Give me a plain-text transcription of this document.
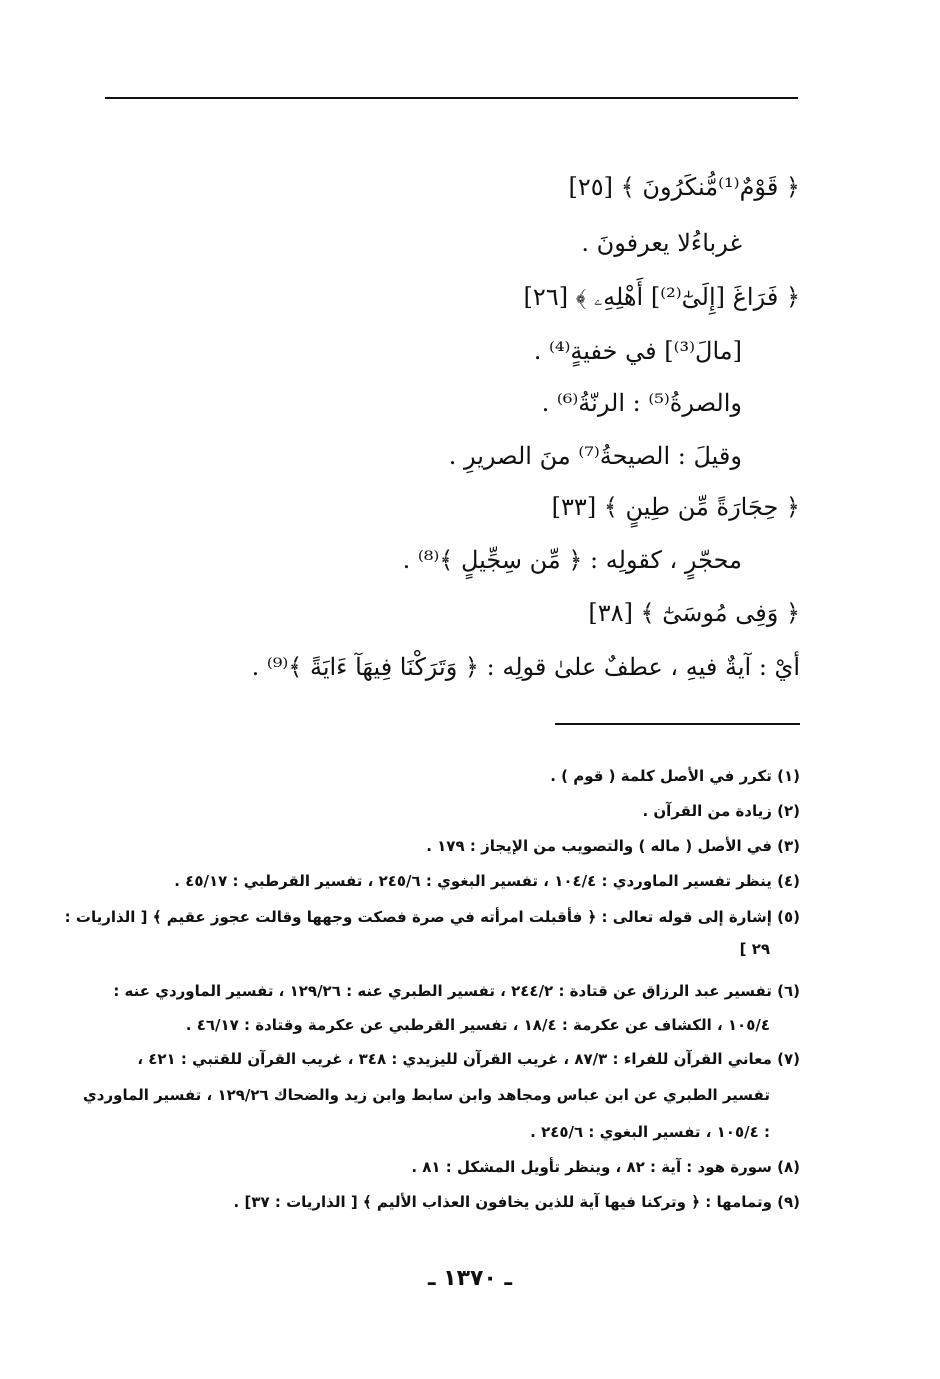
﴿ قَوْمٌ⁽¹⁾مُّنكَرُونَ ﴾ [٢٥]
غرباءُلا يعرفونَ .
﴿ فَرَاغَ [إِلَىٰٓ⁽²⁾] أَهْلِهِۦ ﴾ [٢٦]
[مالَ⁽³⁾] في خفيةٍ⁽⁴⁾ .
والصرةُ⁽⁵⁾ : الرنّةُ⁽⁶⁾ .
وقيلَ : الصيحةُ⁽⁷⁾ منَ الصريرِ .
﴿ حِجَارَةً مِّن طِينٍ ﴾ [٣٣]
محجّرٍ ، كقولِه : ﴿ مِّن سِجِّيلٍ ﴾⁽⁸⁾ .
﴿ وَفِى مُوسَىٰٓ ﴾ [٣٨]
أيْ : آيةٌ فيهِ ، عطفٌ علىٰ قولِه : ﴿ وَتَرَكْنَا فِيهَآ ءَايَةً ﴾⁽⁹⁾ .
(١) تكرر في الأصل كلمة ( قوم ) .
(٢) زيادة من القرآن .
(٣) في الأصل ( ماله ) والتصويب من الإيجاز : ١٧٩ .
(٤) ينظر تفسير الماوردي : ١٠٤/٤ ، تفسير البغوي : ٢٤٥/٦ ، تفسير القرطبي : ٤٥/١٧ .
(٥) إشارة إلى قوله تعالى : ﴿ فأقبلت امرأته في صرة فصكت وجهها وقالت عجوز عقيم ﴾ [ الذاريات :
٢٩ ]
(٦) تفسير عبد الرزاق عن قتادة : ٢٤٤/٢ ، تفسير الطبري عنه : ١٢٩/٢٦ ، تفسير الماوردي عنه :
١٠٥/٤ ، الكشاف عن عكرمة : ١٨/٤ ، تفسير القرطبي عن عكرمة وقتادة : ٤٦/١٧ .
(٧) معاني القرآن للفراء : ٨٧/٣ ، غريب القرآن لليزيدي : ٣٤٨ ، غريب القرآن للقتبي : ٤٢١ ،
تفسير الطبري عن ابن عباس ومجاهد وابن سابط وابن زيد والضحاك ١٢٩/٢٦ ، تفسير الماوردي
: ١٠٥/٤ ، تفسير البغوي : ٢٤٥/٦ .
(٨) سورة هود : آية : ٨٢ ، وينظر تأويل المشكل : ٨١ .
(٩) وتمامها : ﴿ وتركنا فيها آية للذين يخافون العذاب الأليم ﴾ [ الذاريات : ٣٧] .
ـ ١٣٧٠ ـ
